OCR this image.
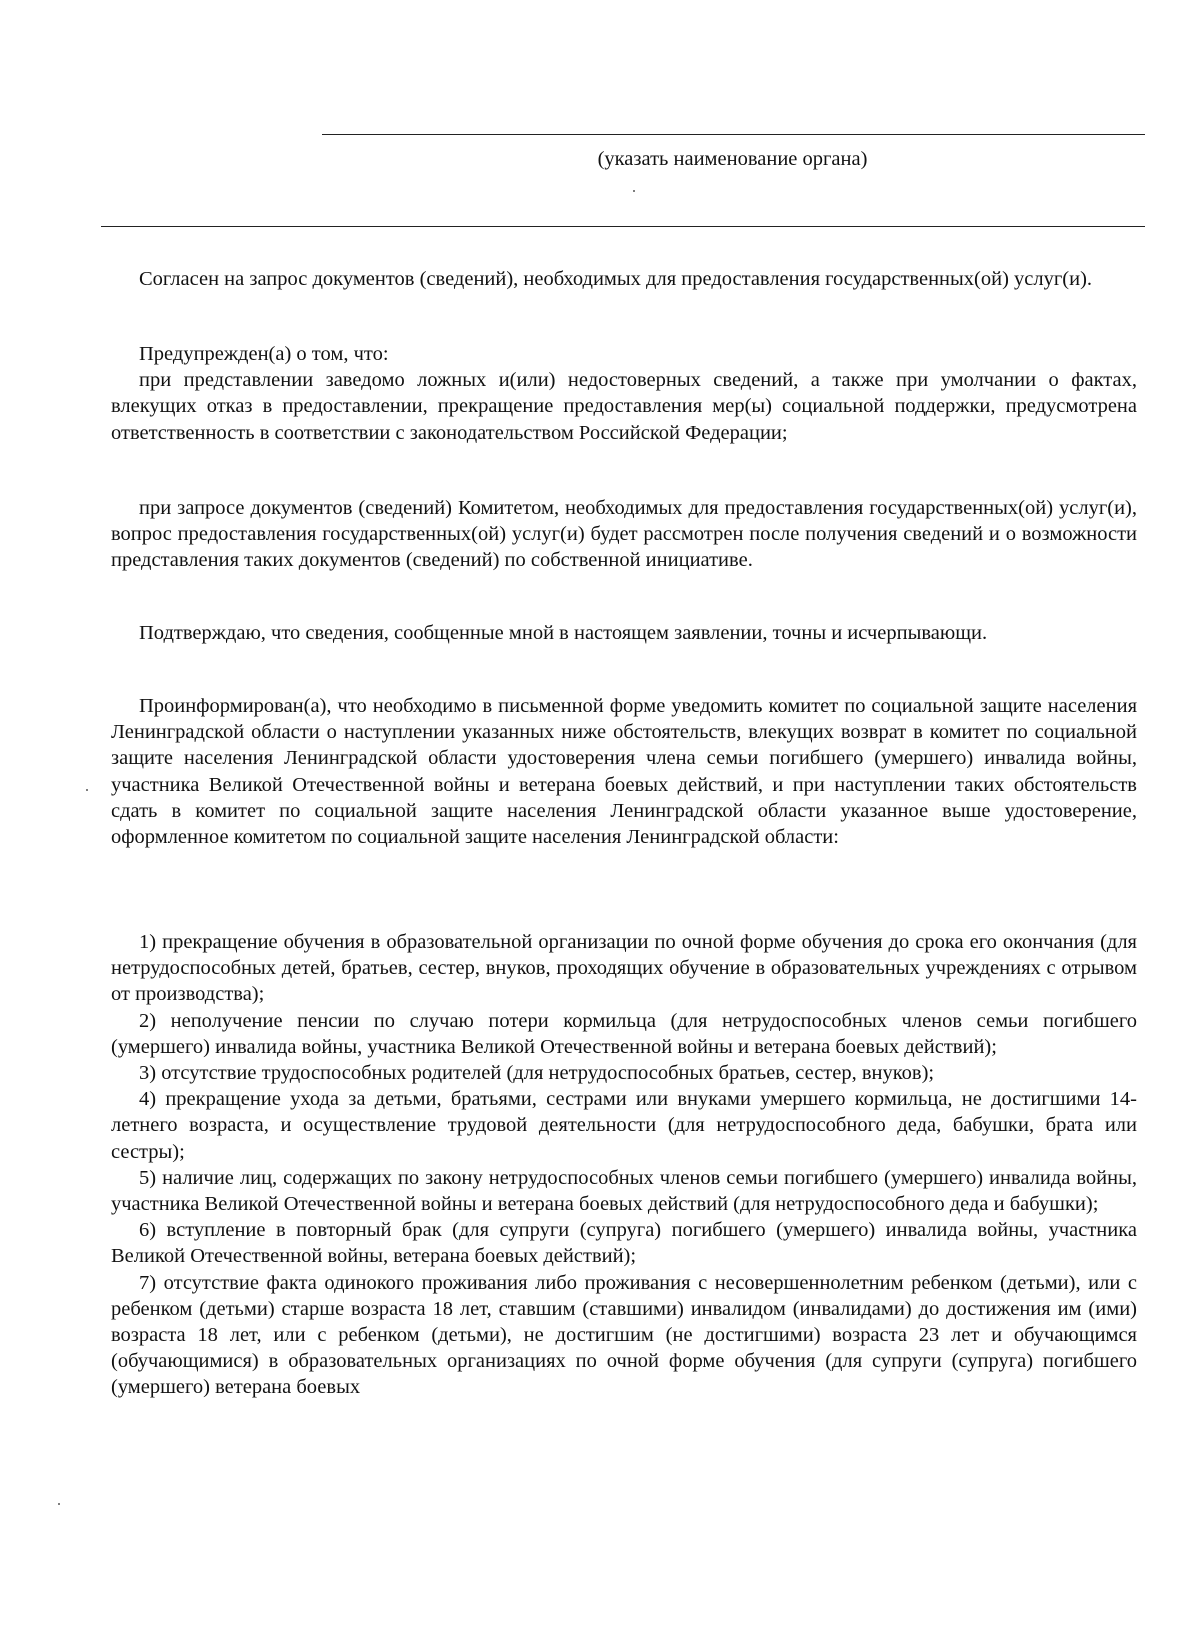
(указать наименование органа)

Согласен на запрос документов (сведений), необходимых для предоставления государственных(ой) услуг(и).

Предупрежден(а) о том, что:

при представлении заведомо ложных и(или) недостоверных сведений, а также при умолчании о фактах, влекущих отказ в предоставлении, прекращение предоставления мер(ы) социальной поддержки, предусмотрена ответственность в соответствии с законодательством Российской Федерации;

при запросе документов (сведений) Комитетом, необходимых для предоставления государственных(ой) услуг(и), вопрос предоставления государственных(ой) услуг(и) будет рассмотрен после получения сведений и о возможности представления таких документов (сведений) по собственной инициативе.

Подтверждаю, что сведения, сообщенные мной в настоящем заявлении, точны и исчерпывающи.

Проинформирован(а), что необходимо в письменной форме уведомить комитет по социальной защите населения Ленинградской области о наступлении указанных ниже обстоятельств, влекущих возврат в комитет по социальной защите населения Ленинградской области удостоверения члена семьи погибшего (умершего) инвалида войны, участника Великой Отечественной войны и ветерана боевых действий, и при наступлении таких обстоятельств сдать в комитет по социальной защите населения Ленинградской области указанное выше удостоверение, оформленное комитетом по социальной защите населения Ленинградской области:

1) прекращение обучения в образовательной организации по очной форме обучения до срока его окончания (для нетрудоспособных детей, братьев, сестер, внуков, проходящих обучение в образовательных учреждениях с отрывом от производства);

2) неполучение пенсии по случаю потери кормильца (для нетрудоспособных членов семьи погибшего (умершего) инвалида войны, участника Великой Отечественной войны и ветерана боевых действий);

3) отсутствие трудоспособных родителей (для нетрудоспособных братьев, сестер, внуков);

4) прекращение ухода за детьми, братьями, сестрами или внуками умершего кормильца, не достигшими 14-летнего возраста, и осуществление трудовой деятельности (для нетрудоспособного деда, бабушки, брата или сестры);

5) наличие лиц, содержащих по закону нетрудоспособных членов семьи погибшего (умершего) инвалида войны, участника Великой Отечественной войны и ветерана боевых действий (для нетрудоспособного деда и бабушки);

6) вступление в повторный брак (для супруги (супруга) погибшего (умершего) инвалида войны, участника Великой Отечественной войны, ветерана боевых действий);

7) отсутствие факта одинокого проживания либо проживания с несовершеннолетним ребенком (детьми), или с ребенком (детьми) старше возраста 18 лет, ставшим (ставшими) инвалидом (инвалидами) до достижения им (ими) возраста 18 лет, или с ребенком (детьми), не достигшим (не достигшими) возраста 23 лет и обучающимся (обучающимися) в образовательных организациях по очной форме обучения (для супруги (супруга) погибшего (умершего) ветерана боевых
